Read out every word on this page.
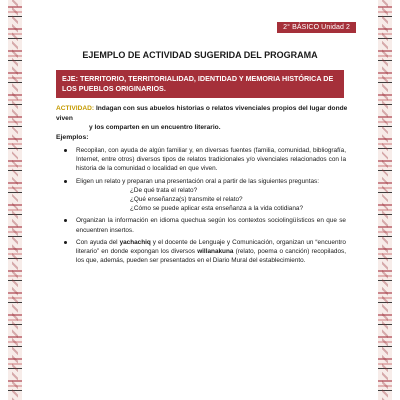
2° BÁSICO Unidad 2
EJEMPLO DE ACTIVIDAD SUGERIDA DEL PROGRAMA
EJE: TERRITORIO, TERRITORIALIDAD, IDENTIDAD Y MEMORIA HISTÓRICA DE LOS PUEBLOS ORIGINARIOS.
ACTIVIDAD: Indagan con sus abuelos historias o relatos vivenciales propios del lugar donde viven
y los comparten en un encuentro literario.
Ejemplos:
Recopilan, con ayuda de algún familiar y, en diversas fuentes (familia, comunidad, bibliografía, Internet, entre otros) diversos tipos de relatos tradicionales y/o vivenciales relacionados con la historia de la comunidad o localidad en que viven.
Eligen un relato y preparan una presentación oral a partir de las siguientes preguntas:
¿De qué trata el relato?
¿Qué enseñanza(s) transmite el relato?
¿Cómo se puede aplicar esta enseñanza a la vida cotidiana?
Organizan la información en idioma quechua según los contextos sociolingüísticos en que se encuentren insertos.
Con ayuda del yachachiq y el docente de Lenguaje y Comunicación, organizan un “encuentro literario” en donde expongan los diversos willanakuna (relato, poema o canción) recopilados, los que, además, pueden ser presentados en el Diario Mural del establecimiento.
